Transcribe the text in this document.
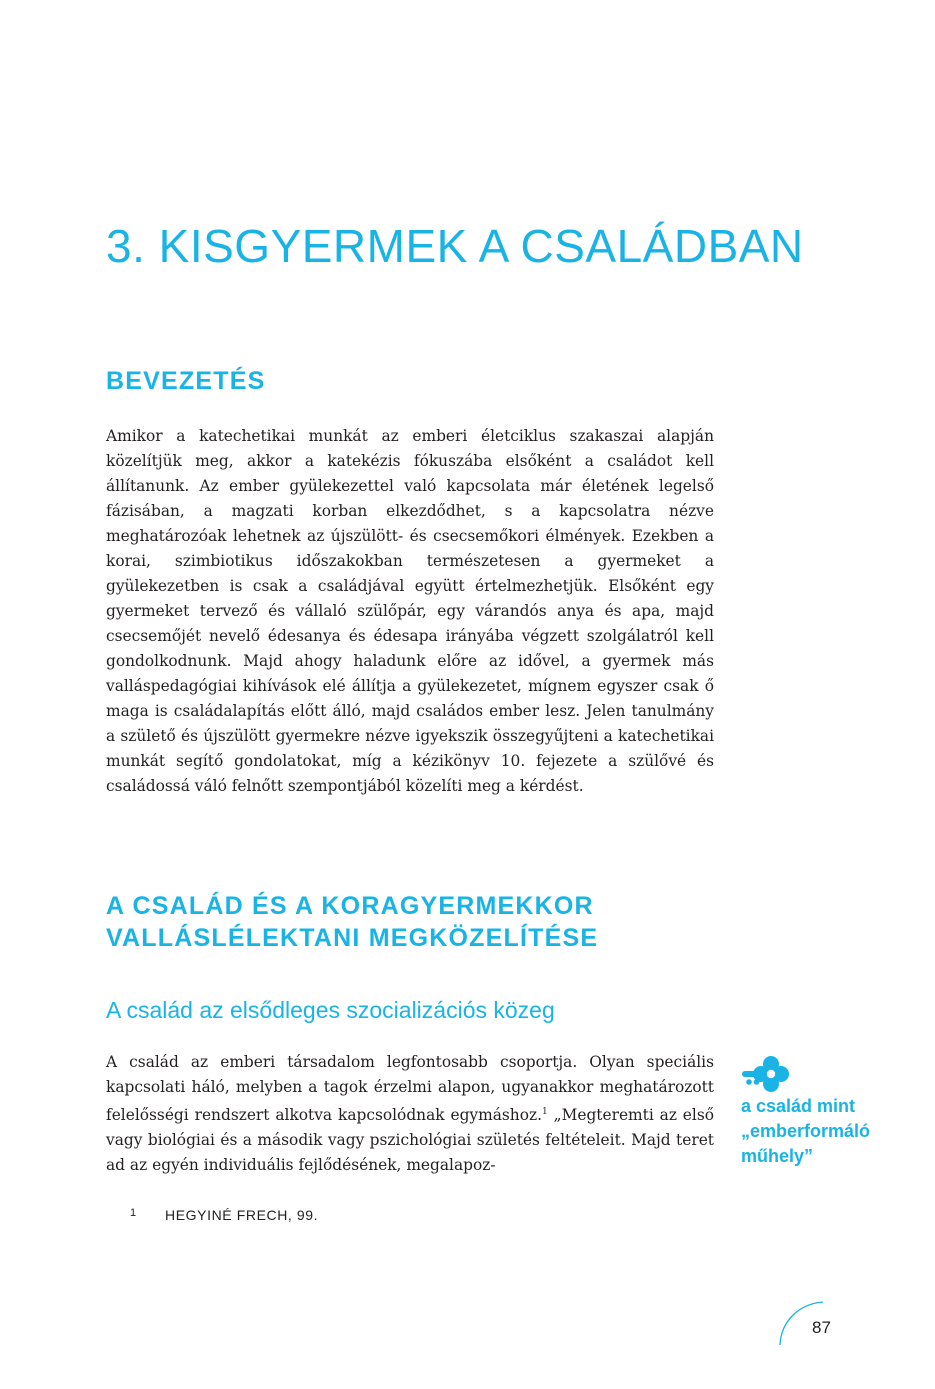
3. KISGYERMEK A CSALÁDBAN
BEVEZETÉS

Amikor a katechetikai munkát az emberi életciklus szakaszai alapján közelítjük meg, akkor a katekézis fókuszába elsőként a családot kell állítanunk. Az ember gyülekezettel való kapcsolata már életének legelső fázisában, a magzati korban elkezdődhet, s a kapcsolatra nézve meghatározóak lehetnek az újszülött- és csecsemőkori élmények. Ezekben a korai, szimbiotikus időszakokban természetesen a gyermeket a gyülekezetben is csak a családjával együtt értelmezhetjük. Elsőként egy gyermeket tervező és vállaló szülőpár, egy várandós anya és apa, majd csecsemőjét nevelő édesanya és édesapa irányába végzett szolgálatról kell gondolkodnunk. Majd ahogy haladunk előre az idővel, a gyermek más valláspedagógiai kihívások elé állítja a gyülekezetet, mígnem egyszer csak ő maga is családalapítás előtt álló, majd családos ember lesz. Jelen tanulmány a születő és újszülött gyermekre nézve igyekszik összegyűjteni a katechetikai munkát segítő gondolatokat, míg a kézikönyv 10. fejezete a szülővé és családossá váló felnőtt szempontjából közelíti meg a kérdést.

A CSALÁD ÉS A KORAGYERMEKKOR
VALLÁSLÉLEKTANI MEGKÖZELÍTÉSE
A család az elsődleges szocializációs közeg

A család az emberi társadalom legfontosabb csoportja. Olyan speciális kapcsolati háló, melyben a tagok érzelmi alapon, ugyanakkor meghatározott felelősségi rendszert alkotva kapcsolódnak egymáshoz.$^1$ „Megteremti az első vagy biológiai és a második vagy pszichológiai születés feltételeit. Majd teret ad az egyén individuális fejlődésének, megalapoz-

1 HEGYINÉ FRECH, 99.
a család mint
„emberformáló
műhely”
87
